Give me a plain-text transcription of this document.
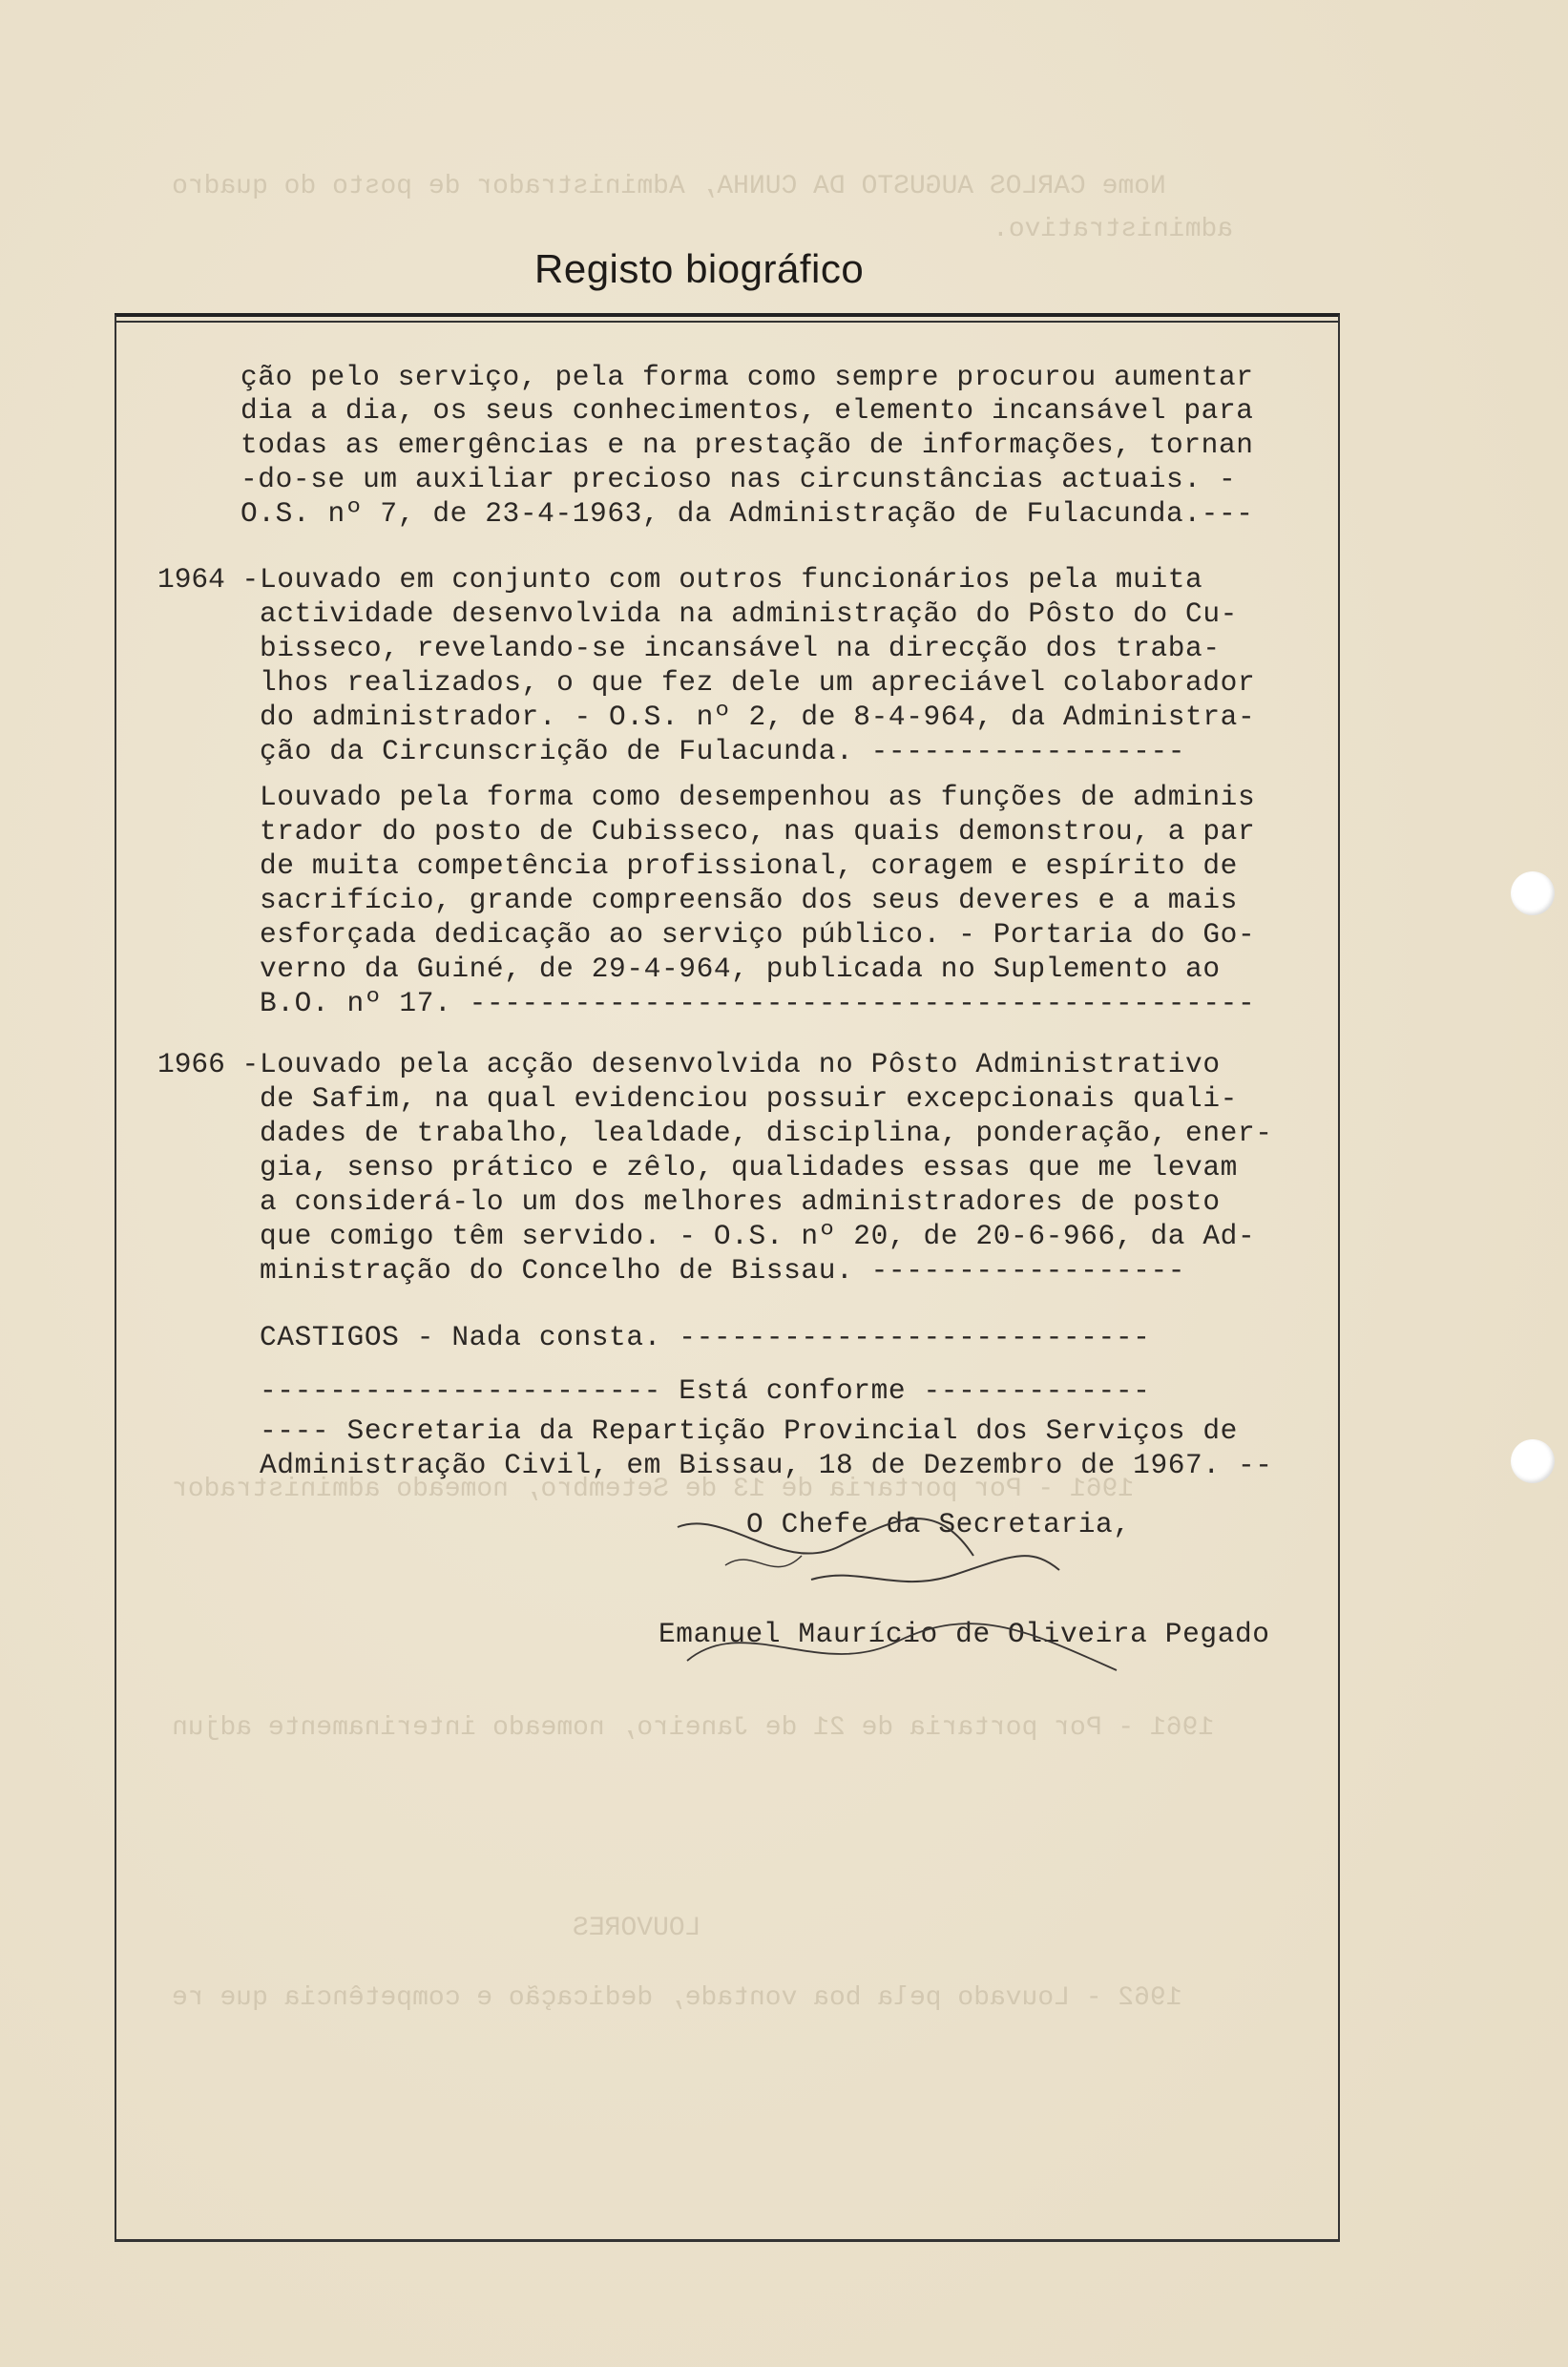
Nome CARLOS AUGUSTO DA CUNHA, Administrador de posto do quadro
administrativo.
1961 - Por portaria de 13 de Setembro, nomeado administrador
1961 - Por portaria de 21 de Janeiro, nomeado interinamente adjun
LOUVORES
1962 - Louvado pela boa vontade, dedicação e competência que re
Registo biográfico
ção pelo serviço, pela forma como sempre procurou aumentar
dia a dia, os seus conhecimentos, elemento incansável para
todas as emergências e na prestação de informações, tornan
-do-se um auxiliar precioso nas circunstâncias actuais. -
O.S. nº 7, de 23-4-1963, da Administração de Fulacunda.---
1964 - Louvado em conjunto com outros funcionários pela muita
actividade desenvolvida na administração do Pôsto do Cu-
bisseco, revelando-se incansável na direcção dos traba-
lhos realizados, o que fez dele um apreciável colaborador
do administrador. - O.S. nº 2, de 8-4-964, da Administra-
ção da Circunscrição de Fulacunda. ------------------
Louvado pela forma como desempenhou as funções de adminis
trador do posto de Cubisseco, nas quais demonstrou, a par
de muita competência profissional, coragem e espírito de
sacrifício, grande compreensão dos seus deveres e a mais
esforçada dedicação ao serviço público. - Portaria do Go-
verno da Guiné, de 29-4-964, publicada no Suplemento ao
B.O. nº 17. ---------------------------------------------
1966 - Louvado pela acção desenvolvida no Pôsto Administrativo
de Safim, na qual evidenciou possuir excepcionais quali-
dades de trabalho, lealdade, disciplina, ponderação, ener-
gia, senso prático e zêlo, qualidades essas que me levam
a considerá-lo um dos melhores administradores de posto
que comigo têm servido. - O.S. nº 20, de 20-6-966, da Ad-
ministração do Concelho de Bissau. ------------------
CASTIGOS - Nada consta. ---------------------------
----------------------- Está conforme -------------
---- Secretaria da Repartição Provincial dos Serviços de
Administração Civil, em Bissau, 18 de Dezembro de 1967. --
O Chefe da Secretaria,
Emanuel Maurício de Oliveira Pegado
